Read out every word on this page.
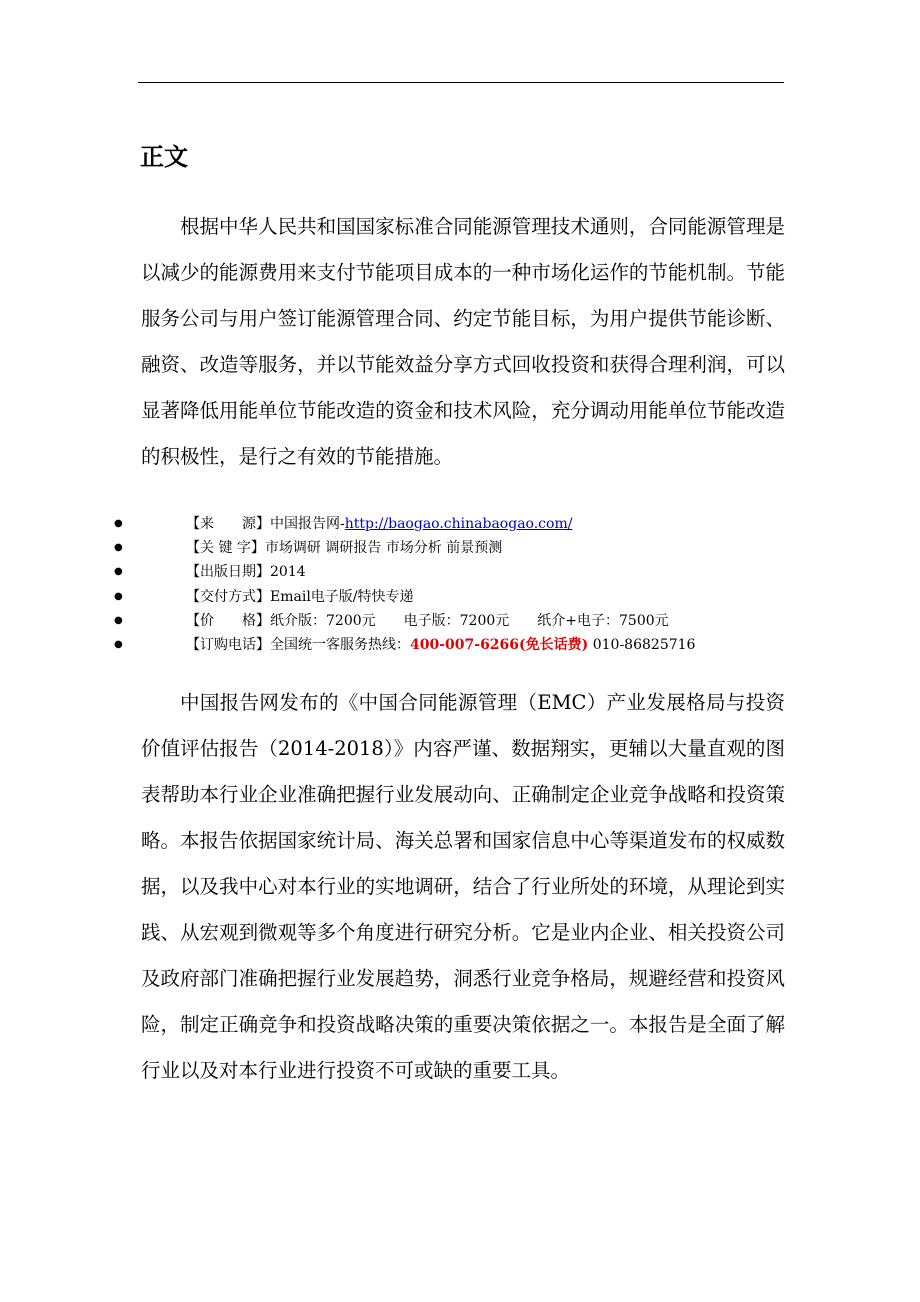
正文

根据中华人民共和国国家标准合同能源管理技术通则，合同能源管理是以减少的能源费用来支付节能项目成本的一种市场化运作的节能机制。节能服务公司与用户签订能源管理合同、约定节能目标，为用户提供节能诊断、融资、改造等服务，并以节能效益分享方式回收投资和获得合理利润，可以显著降低用能单位节能改造的资金和技术风险，充分调动用能单位节能改造的积极性，是行之有效的节能措施。

●	【来　　源】中国报告网-http://baogao.chinabaogao.com/
●	【关 键 字】市场调研 调研报告 市场分析 前景预测
●	【出版日期】2014
●	【交付方式】Email电子版/特快专递
●	【价　　格】纸介版：7200元 电子版：7200元 纸介+电子：7500元
●	【订购电话】全国统一客服务热线：400-007-6266(免长话费) 010-86825716

中国报告网发布的《中国合同能源管理（EMC）产业发展格局与投资价值评估报告（2014-2018）》内容严谨、数据翔实，更辅以大量直观的图表帮助本行业企业准确把握行业发展动向、正确制定企业竞争战略和投资策略。本报告依据国家统计局、海关总署和国家信息中心等渠道发布的权威数据，以及我中心对本行业的实地调研，结合了行业所处的环境，从理论到实践、从宏观到微观等多个角度进行研究分析。它是业内企业、相关投资公司及政府部门准确把握行业发展趋势，洞悉行业竞争格局，规避经营和投资风险，制定正确竞争和投资战略决策的重要决策依据之一。本报告是全面了解行业以及对本行业进行投资不可或缺的重要工具。
